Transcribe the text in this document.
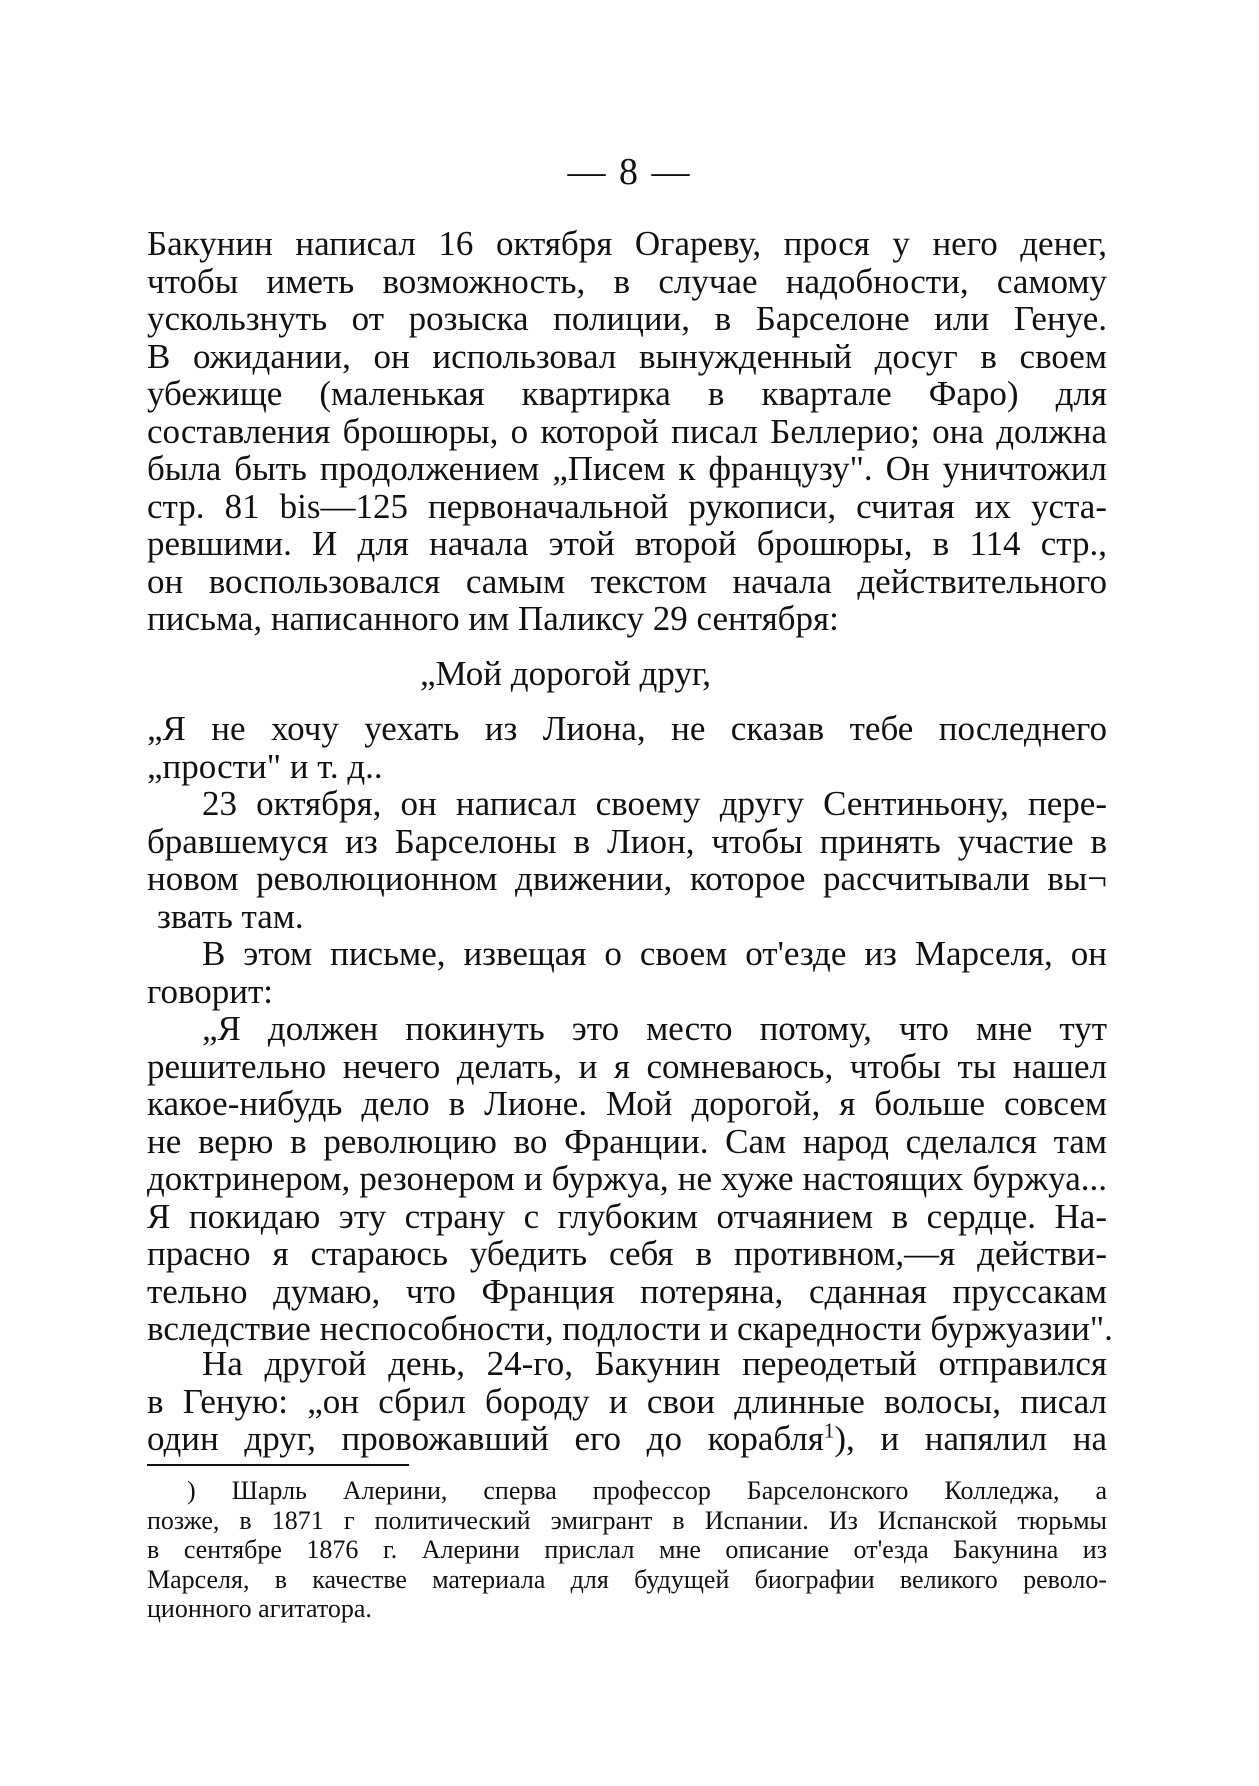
— 8 —
Бакунин написал 16 октября Огареву, прося у него денег,
чтобы иметь возможность, в случае надобности, самому
ускользнуть от розыска полиции, в Барселоне или Генуе.
В ожидании, он использовал вынужденный досуг в своем
убежище (маленькая квартирка в квартале Фаро) для
составления брошюры, о которой писал Беллерио; она должна
была быть продолжением „Писем к французу". Он уничтожил
стр. 81 bis—125 первоначальной рукописи, считая их уста-
ревшими. И для начала этой второй брошюры, в 114 стр.,
он воспользовался самым текстом начала действительного
письма, написанного им Паликсу 29 сентября:
„Мой дорогой друг,
„Я не хочу уехать из Лиона, не сказав тебе последнего
„прости" и т. д..
23 октября, он написал своему другу Сентиньону, пере-
бравшемуся из Барселоны в Лион, чтобы принять участие в
новом революционном движении, которое рассчитывали вы¬
звать там.
В этом письме, извещая о своем от'езде из Марселя, он
говорит:
„Я должен покинуть это место потому, что мне тут
решительно нечего делать, и я сомневаюсь, чтобы ты нашел
какое-нибудь дело в Лионе. Мой дорогой, я больше совсем
не верю в революцию во Франции. Сам народ сделался там
доктринером, резонером и буржуа, не хуже настоящих буржуа...
Я покидаю эту страну с глубоким отчаянием в сердце. На-
прасно я стараюсь убедить себя в противном,—я действи-
тельно думаю, что Франция потеряна, сданная пруссакам
вследствие неспособности, подлости и скаредности буржуазии".
На другой день, 24-го, Бакунин переодетый отправился
в Геную: „он сбрил бороду и свои длинные волосы, писал
один друг, провожавший его до корабля$^1$), и напялил на
) Шарль Алерини, сперва профессор Барселонского Колледжа, а
позже, в 1871 г политический эмигрант в Испании. Из Испанской тюрьмы
в сентябре 1876 г. Алерини прислал мне описание от'езда Бакунина из
Марселя, в качестве материала для будущей биографии великого револо-
ционного агитатора.
